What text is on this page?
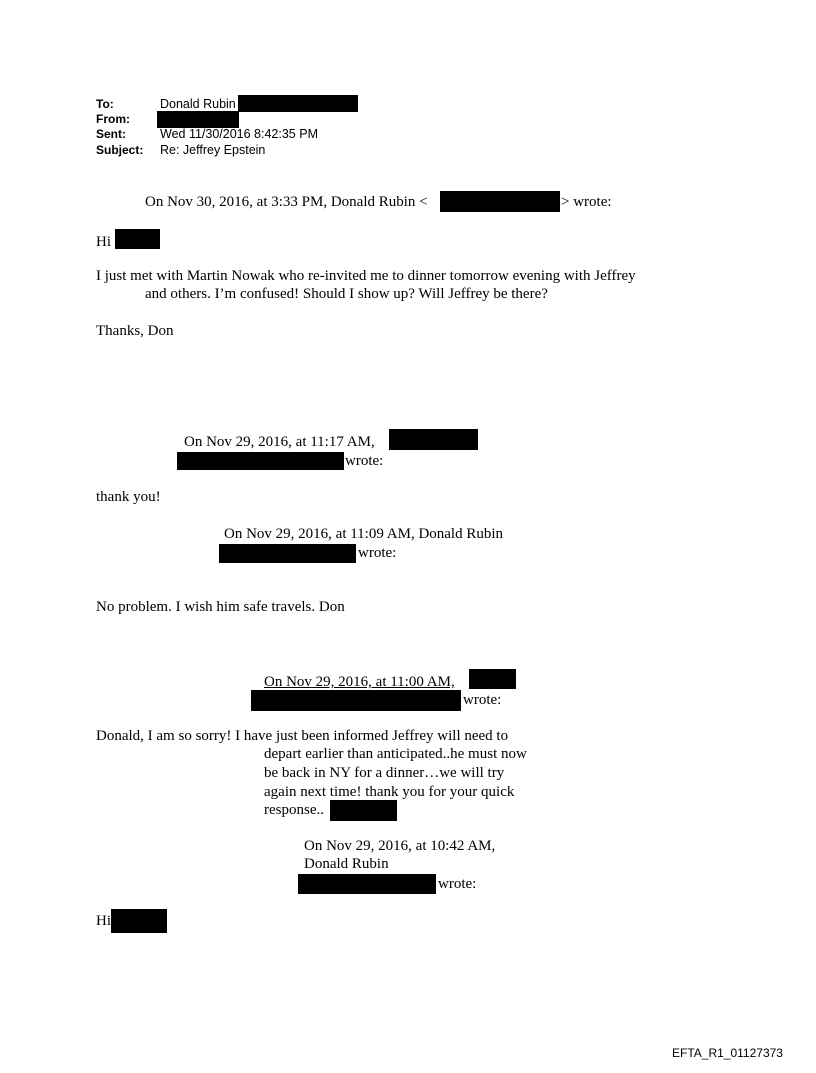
To:	Donald Rubin
From:
Sent:	Wed 11/30/2016 8:42:35 PM
Subject: Re: Jeffrey Epstein
On Nov 30, 2016, at 3:33 PM, Donald Rubin <	> wrote:
Hi
I just met with Martin Nowak who re-invited me to dinner tomorrow evening with Jeffrey
and others. I’m confused! Should I show up? Will Jeffrey be there?
Thanks, Don
On Nov 29, 2016, at 11:17 AM,
wrote:
thank you!
On Nov 29, 2016, at 11:09 AM, Donald Rubin
wrote:
No problem. I wish him safe travels. Don
On Nov 29, 2016, at 11:00 AM,
wrote:
Donald, I am so sorry! I have just been informed Jeffrey will need to
depart earlier than anticipated..he must now
be back in NY for a dinner…we will try
again next time! thank you for your quick
response..
On Nov 29, 2016, at 10:42 AM,
Donald Rubin
wrote:
Hi
EFTA_R1_01127373
